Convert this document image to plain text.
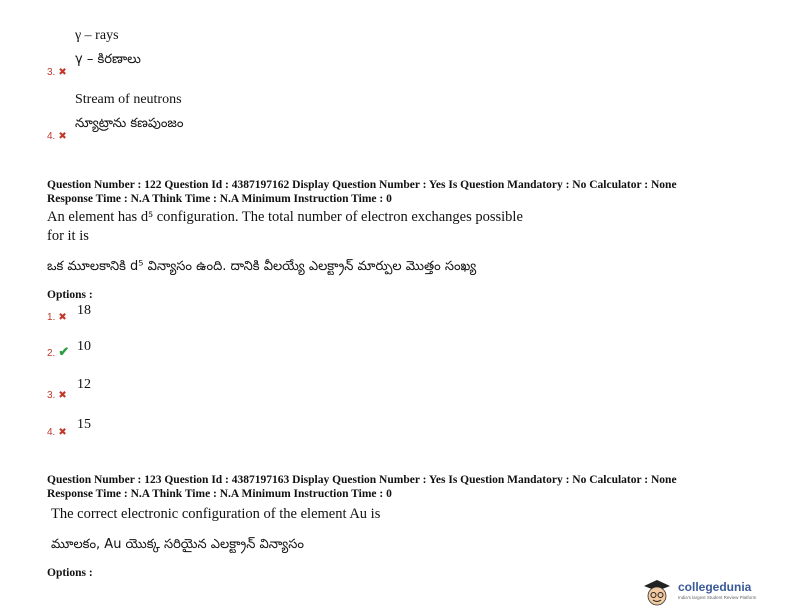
γ – rays
3. ✖
γ – కిరణాలు
Stream of neutrons
4. ✖
న్యూట్రాను కణపుంజం
Question Number : 122 Question Id : 4387197162 Display Question Number : Yes Is Question Mandatory : No Calculator : None
Response Time : N.A Think Time : N.A Minimum Instruction Time : 0
An element has d⁵ configuration. The total number of electron exchanges possible
for it is
ఒక మూలకానికి d⁵ విన్యాసం ఉంది. దానికి వీలయ్యే ఎలక్ట్రాన్ మార్పుల మొత్తం సంఖ్య
Options :
1. ✖ 18
2. ✔ 10
3. ✖
12
4. ✖
15
Question Number : 123 Question Id : 4387197163 Display Question Number : Yes Is Question Mandatory : No Calculator : None
Response Time : N.A Think Time : N.A Minimum Instruction Time : 0
The correct electronic configuration of the element Au is
మూలకం, Au యొక్క సరియైన ఎలక్ట్రాన్ విన్యాసం
Options :
collegedunia
India's largest Student Review Platform
